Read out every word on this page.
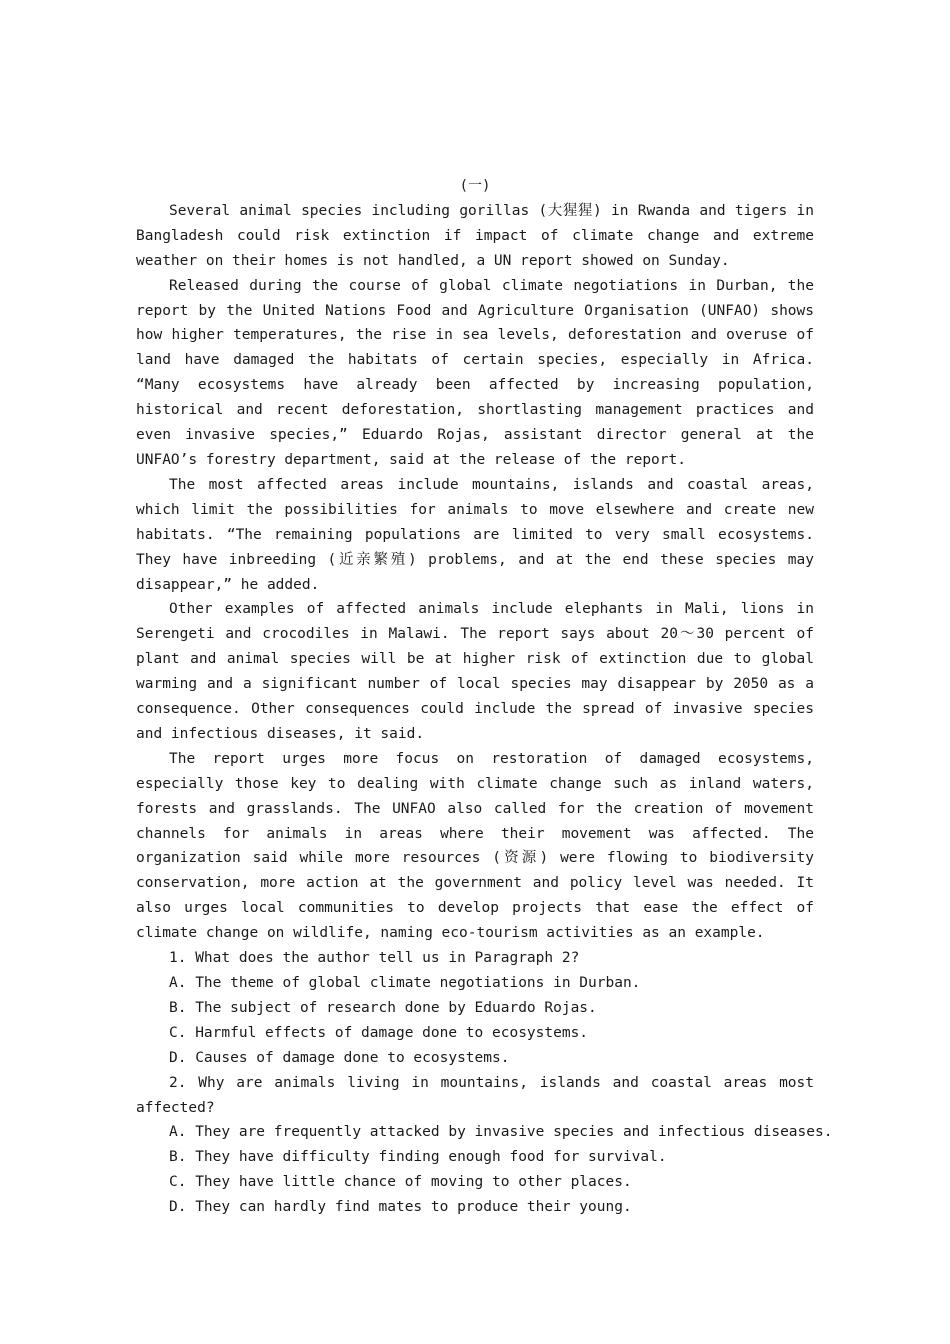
(一)

Several animal species including gorillas (大猩猩) in Rwanda and tigers in Bangladesh could risk extinction if impact of climate change and extreme weather on their homes is not handled, a UN report showed on Sunday.

Released during the course of global climate negotiations in Durban, the report by the United Nations Food and Agriculture Organisation (UNFAO) shows how higher temperatures, the rise in sea levels, deforestation and overuse of land have damaged the habitats of certain species, especially in Africa. “Many ecosystems have already been affected by increasing population, historical and recent deforestation, shortlasting management practices and even invasive species,” Eduardo Rojas, assistant director general at the UNFAO’s forestry department, said at the release of the report.

The most affected areas include mountains, islands and coastal areas, which limit the possibilities for animals to move elsewhere and create new habitats. “The remaining populations are limited to very small ecosystems. They have inbreeding (近亲繁殖) problems, and at the end these species may disappear,” he added.

Other examples of affected animals include elephants in Mali, lions in Serengeti and crocodiles in Malawi. The report says about 20～30 percent of plant and animal species will be at higher risk of extinction due to global warming and a significant number of local species may disappear by 2050 as a consequence. Other consequences could include the spread of invasive species and infectious diseases, it said.

The report urges more focus on restoration of damaged ecosystems, especially those key to dealing with climate change such as inland waters, forests and grasslands. The UNFAO also called for the creation of movement channels for animals in areas where their movement was affected. The organization said while more resources (资源) were flowing to biodiversity conservation, more action at the government and policy level was needed. It also urges local communities to develop projects that ease the effect of climate change on wildlife, naming eco-tourism activities as an example.

1. What does the author tell us in Paragraph 2?

A. The theme of global climate negotiations in Durban.

B. The subject of research done by Eduardo Rojas.

C. Harmful effects of damage done to ecosystems.

D. Causes of damage done to ecosystems.

2. Why are animals living in mountains, islands and coastal areas most affected?

A. They are frequently attacked by invasive species and infectious diseases.

B. They have difficulty finding enough food for survival.

C. They have little chance of moving to other places.

D. They can hardly find mates to produce their young.
